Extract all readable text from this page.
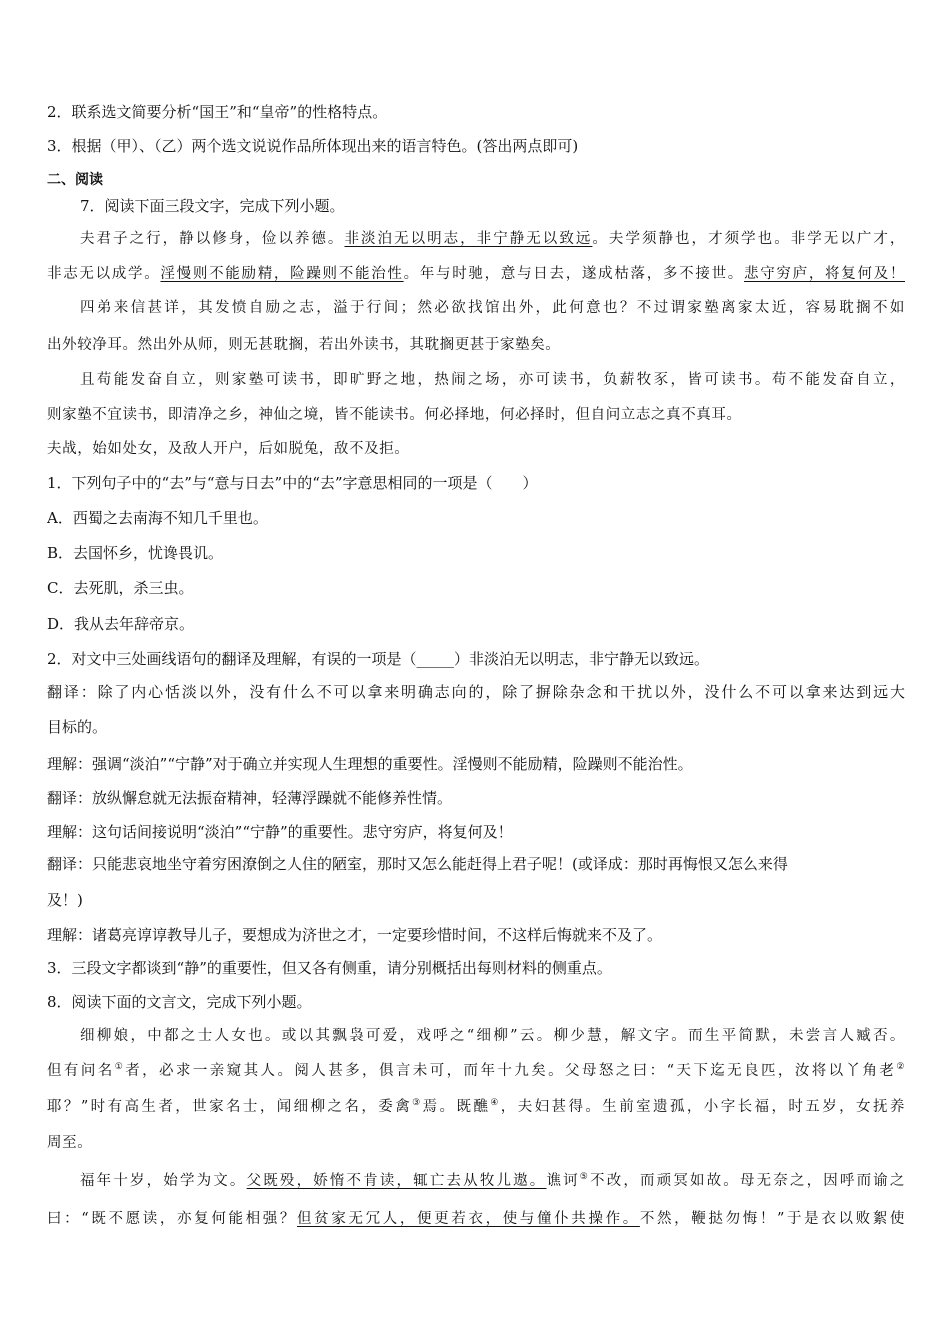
2．联系选文简要分析“国王”和“皇帝”的性格特点。
3．根据（甲）、（乙）两个选文说说作品所体现出来的语言特色。(答出两点即可)
二、阅读
7．阅读下面三段文字，完成下列小题。
夫君子之行，静以修身，俭以养德。非淡泊无以明志，非宁静无以致远。夫学须静也，才须学也。非学无以广才，
非志无以成学。淫慢则不能励精，险躁则不能治性。年与时驰，意与日去，遂成枯落，多不接世。悲守穷庐，将复何及！
四弟来信甚详，其发愤自励之志，溢于行间；然必欲找馆出外，此何意也？不过谓家塾离家太近，容易耽搁不如
出外较净耳。然出外从师，则无甚耽搁，若出外读书，其耽搁更甚于家塾矣。
且苟能发奋自立，则家塾可读书，即旷野之地，热闹之场，亦可读书，负薪牧豕，皆可读书。苟不能发奋自立，
则家塾不宜读书，即清净之乡，神仙之境，皆不能读书。何必择地，何必择时，但自问立志之真不真耳。
夫战，始如处女，及敌人开户，后如脱兔，敌不及拒。
1．下列句子中的“去”与“意与日去”中的“去”字意思相同的一项是（　　）
A．西蜀之去南海不知几千里也。
B．去国怀乡，忧谗畏讥。
C．去死肌，杀三虫。
D．我从去年辞帝京。
2．对文中三处画线语句的翻译及理解，有误的一项是（_____）非淡泊无以明志，非宁静无以致远。
翻译：除了内心恬淡以外，没有什么不可以拿来明确志向的，除了摒除杂念和干扰以外，没什么不可以拿来达到远大
目标的。
理解：强调“淡泊”“宁静”对于确立并实现人生理想的重要性。淫慢则不能励精，险躁则不能治性。
翻译：放纵懈怠就无法振奋精神，轻薄浮躁就不能修养性情。
理解：这句话间接说明“淡泊”“宁静”的重要性。悲守穷庐，将复何及！
翻译：只能悲哀地坐守着穷困潦倒之人住的陋室，那时又怎么能赶得上君子呢！(或译成：那时再悔恨又怎么来得
及！)
理解：诸葛亮谆谆教导儿子，要想成为济世之才，一定要珍惜时间，不这样后悔就来不及了。
3．三段文字都谈到“静”的重要性，但又各有侧重，请分别概括出每则材料的侧重点。
8．阅读下面的文言文，完成下列小题。
细柳娘，中都之士人女也。或以其飘袅可爱，戏呼之“细柳”云。柳少慧，解文字。而生平简默，未尝言人臧否。
但有问名①者，必求一亲窥其人。阅人甚多，俱言未可，而年十九矣。父母怒之曰：“天下迄无良匹，汝将以丫角老②
耶？”时有高生者，世家名士，闻细柳之名，委禽③焉。既醮④，夫妇甚得。生前室遗孤，小字长福，时五岁，女抚养
周至。
福年十岁，始学为文。父既殁，娇惰不肯读，辄亡去从牧儿遨。谯诃⑤不改，而顽冥如故。母无奈之，因呼而谕之
曰：“既不愿读，亦复何能相强？但贫家无冗人，便更若衣，使与僮仆共操作。不然，鞭挞勿悔！”于是衣以败絮使
